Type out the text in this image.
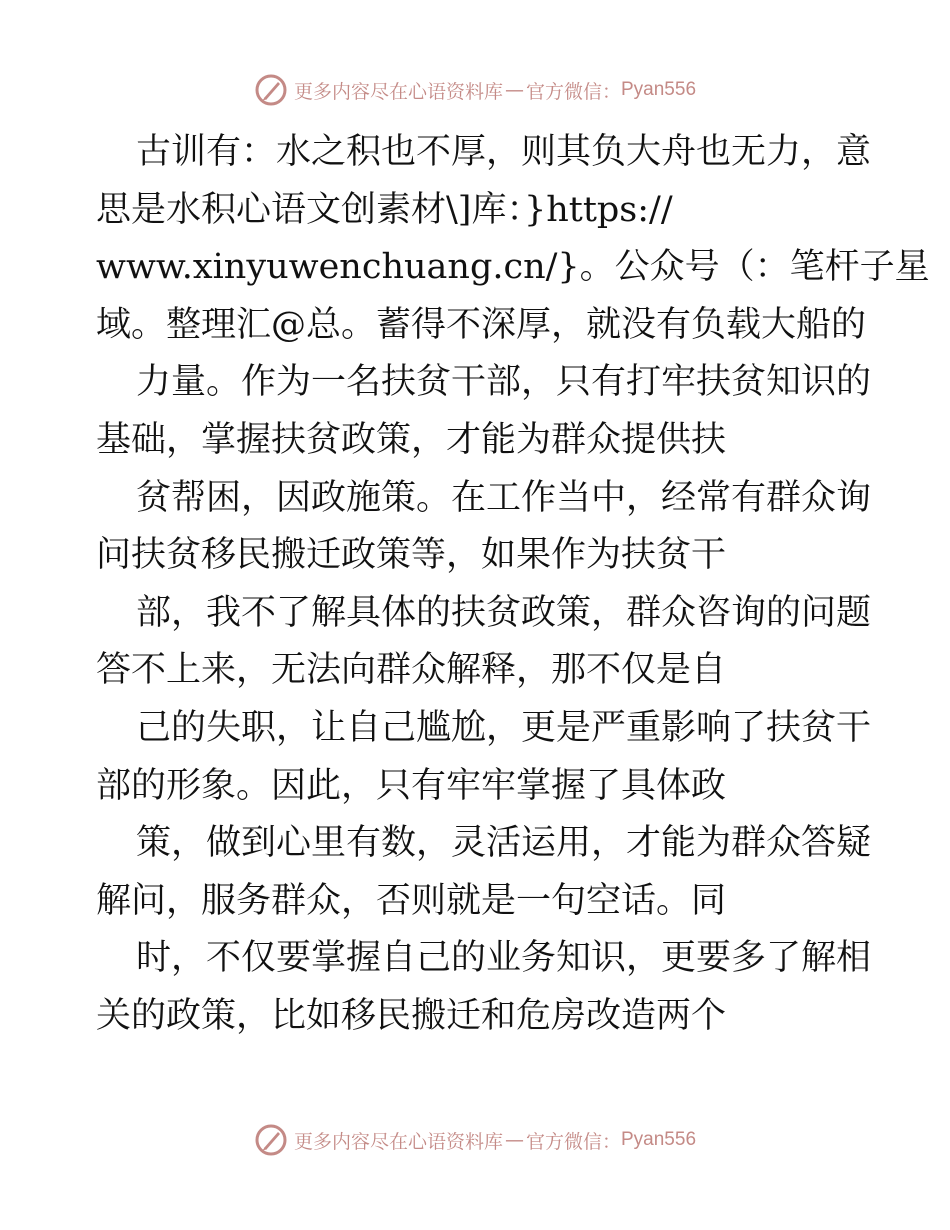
更多内容尽在心语资料库 — 官方微信： Pyan556
古训有：水之积也不厚，则其负大舟也无力，意
思是水积心语文创素材\]库：}https://
www.xinyuwenchuang.cn/}。公众号（：笔杆子星
域。整理汇@总。蓄得不深厚，就没有负载大船的
力量。作为一名扶贫干部，只有打牢扶贫知识的
基础，掌握扶贫政策，才能为群众提供扶
贫帮困，因政施策。在工作当中，经常有群众询
问扶贫移民搬迁政策等，如果作为扶贫干
部，我不了解具体的扶贫政策，群众咨询的问题
答不上来，无法向群众解释，那不仅是自
己的失职，让自己尴尬，更是严重影响了扶贫干
部的形象。因此，只有牢牢掌握了具体政
策，做到心里有数，灵活运用，才能为群众答疑
解问，服务群众，否则就是一句空话。同
时，不仅要掌握自己的业务知识，更要多了解相
关的政策，比如移民搬迁和危房改造两个
更多内容尽在心语资料库 — 官方微信： Pyan556
